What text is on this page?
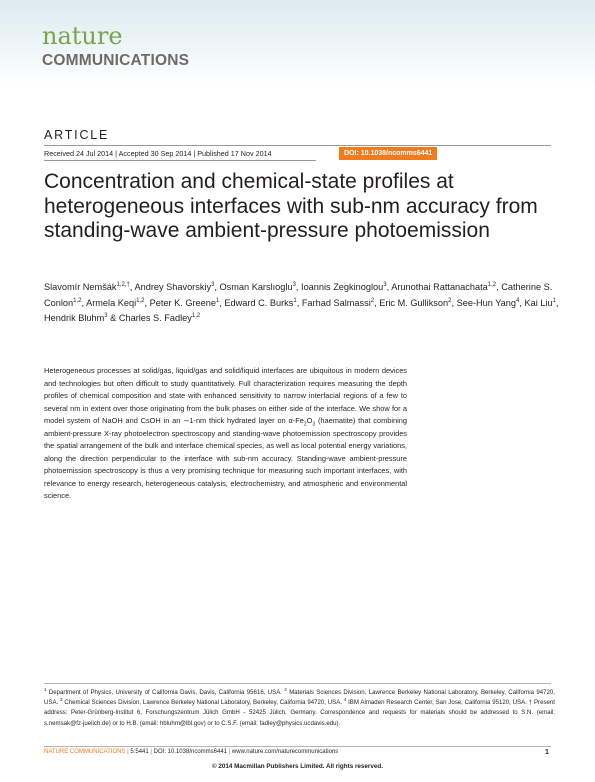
nature
COMMUNICATIONS
ARTICLE
Received 24 Jul 2014 | Accepted 30 Sep 2014 | Published 17 Nov 2014	DOI: 10.1038/ncomms6441
Concentration and chemical-state profiles at heterogeneous interfaces with sub-nm accuracy from standing-wave ambient-pressure photoemission

Slavomír Nemšák$^{1,2,\dagger}$, Andrey Shavorskiy$^3$, Osman Karslıoglu$^3$, Ioannis Zegkinoglou$^3$, Arunothai Rattanachata$^{1,2}$, Catherine S. Conlon$^{1,2}$, Armela Keqi$^{1,2}$, Peter K. Greene$^1$, Edward C. Burks$^1$, Farhad Salmassi$^2$, Eric M. Gullikson$^2$, See-Hun Yang$^4$, Kai Liu$^1$, Hendrik Bluhm$^3$ & Charles S. Fadley$^{1,2}$

Heterogeneous processes at solid/gas, liquid/gas and solid/liquid interfaces are ubiquitous in modern devices and technologies but often difficult to study quantitatively. Full characterization requires measuring the depth profiles of chemical composition and state with enhanced sensitivity to narrow interfacial regions of a few to several nm in extent over those originating from the bulk phases on either side of the interface. We show for a model system of NaOH and CsOH in an ∼1-nm thick hydrated layer on $\alpha-Fe_2O_3$ (haematite) that combining ambient-pressure X-ray photoelectron spectroscopy and standing-wave photoemission spectroscopy provides the spatial arrangement of the bulk and interface chemical species, as well as local potential energy variations, along the direction perpendicular to the interface with sub-nm accuracy. Standing-wave ambient-pressure photoemission spectroscopy is thus a very promising technique for measuring such important interfaces, with relevance to energy research, heterogeneous catalysis, electrochemistry, and atmospheric and environmental science.

$^1$ Department of Physics, University of California Davis, Davis, California 95616, USA. $^2$ Materials Sciences Division, Lawrence Berkeley National Laboratory, Berkeley, California 94720, USA. $^3$ Chemical Sciences Division, Lawrence Berkeley National Laboratory, Berkeley, California 94720, USA. $^4$ IBM Almaden Research Center, San Jose, California 95120, USA. † Present address: Peter-Grünberg-Institut 6, Forschungszentrum Jülich GmbH - 52425 Jülich, Germany. Correspondence and requests for materials should be addressed to S.N. (email: s.nemsak@fz-juelich.de) or to H.B. (email: hbluhm@lbl.gov) or to C.S.F. (email: fadley@physics.ucdavis.edu).

NATURE COMMUNICATIONS | 5:5441 | DOI: 10.1038/ncomms6441 | www.nature.com/naturecommunications	1
© 2014 Macmillan Publishers Limited. All rights reserved.
